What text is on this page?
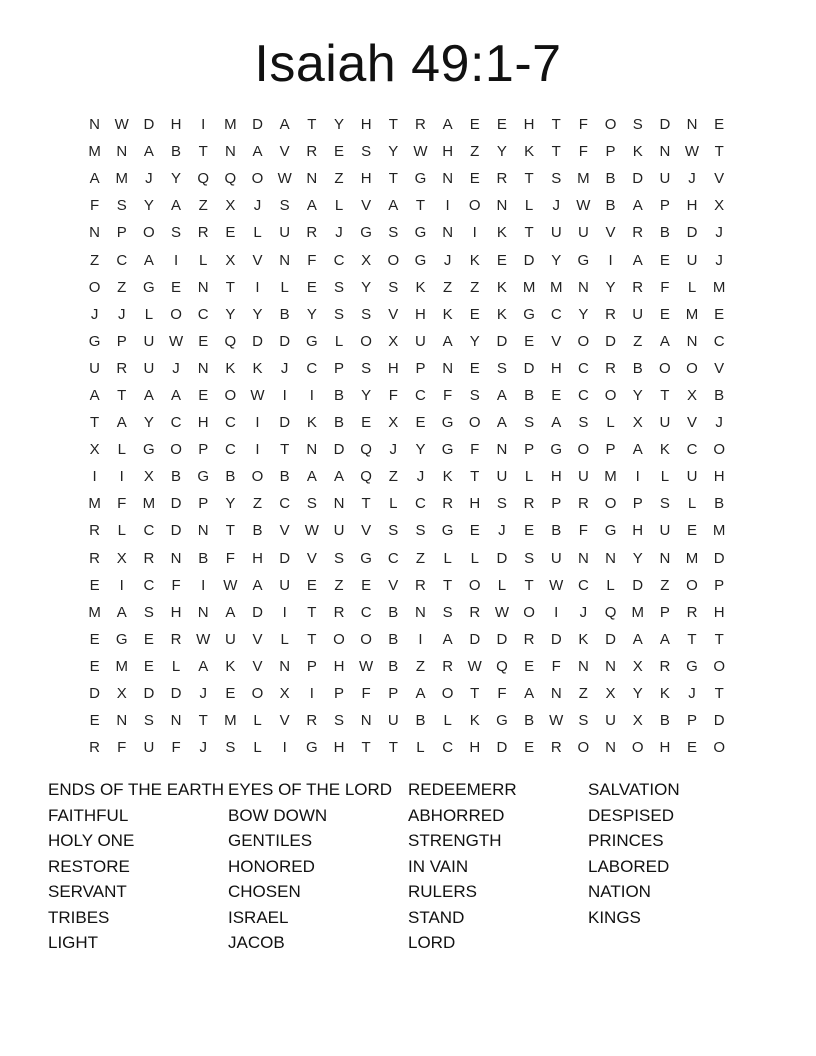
Isaiah 49:1-7
N W D	H	I	M	D	A	T	Y	H	T	R	A	E	E	H	T	F	O	S	D	N	E
M	N	A	B	T	N	A	V	R	E	S	Y	W H	Z	Y	K	T	F	P	K	N W	T
A	M	J	Y	Q	Q	O W N	Z	H	T	G	N	E	R	T	S	M	B	D	U	J	V
F	S	Y	A	Z	X	J	S	A	L	V	A	T	I	O	N	L	J	W	B	A	P	H	X
N	P	O	S	R	E	L	U	R	J	G	S	G	N	I	K	T	U	U	V	R	B	D	J
Z	C	A	I	L	X	V	N	F	C	X	O	G	J	K	E	D	Y	G	I	A	E	U	J
O	Z	G	E	N	T	I	L	E	S	Y	S	K	Z	Z	K	M M	N	Y	R	F	L	M
J	J	L	O	C	Y	Y	B	Y	S	S	V	H	K	E	K	G	C	Y	R	U	E	M	E
G	P	U W	E	Q	D	D	G	L	O	X	U	A	Y	D	E	V	O	D	Z	A	N	C
U	R	U	J	N	K	K	J	C	P	S	H	P	N	E	S	D	H	C	R	B	O	O	V
A	T	A	A	E	O W	I	I	B	Y	F	C	F	S	A	B	E	C	O	Y	T	X	B
T	A	Y	C	H	C	I	D	K	B	E	X	E	G	O	A	S	A	S	L	X	U	V	J
X	L	G	O	P	C	I	T	N	D	Q	J	Y	G	F	N	P	G	O	P	A	K	C	O
I	I	X	B	G	B	O	B	A	A	Q	Z	J	K	T	U	L	H	U	M	I	L	U	H
M	F	M	D	P	Y	Z	C	S	N	T	L	C	R	H	S	R	P	R	O	P	S	L	B
R	L	C	D	N	T	B	V	W U	V	S	S	G	E	J	E	B	F	G	H	U	E	M
R	X	R	N	B	F	H	D	V	S	G	C	Z	L	L	D	S	U	N	N	Y	N	M	D
E	I	C	F	I	W	A	U	E	Z	E	V	R	T	O	L	T	W C	L	D	Z	O	P
M	A	S	H	N	A	D	I	T	R	C	B	N	S	R W O	I	J	Q	M	P	R	H
E	G	E	R W U	V	L	T	O	O	B	I	A	D	D	R	D	K	D	A	A	T	T
E	M	E	L	A	K	V	N	P	H W	B	Z	R W Q	E	F	N	N	X	R	G	O
D	X	D	D	J	E	O	X	I	P	F	P	A	O	T	F	A	N	Z	X	Y	K	J	T
E	N	S	N	T	M	L	V	R	S	N	U	B	L	K	G	B	W	S	U	X	B	P	D
R	F	U	F	J	S	L	I	G	H	T	T	L	C	H	D	E	R	O	N	O	H	E	O
ENDS OF THE EARTH
FAITHFUL
HOLY ONE
RESTORE
SERVANT
TRIBES
LIGHT
EYES OF THE LORD
BOW DOWN
GENTILES
HONORED
CHOSEN
ISRAEL
JACOB
REDEEMERR
ABHORRED
STRENGTH
IN VAIN
RULERS
STAND
LORD
SALVATION
DESPISED
PRINCES
LABORED
NATION
KINGS
